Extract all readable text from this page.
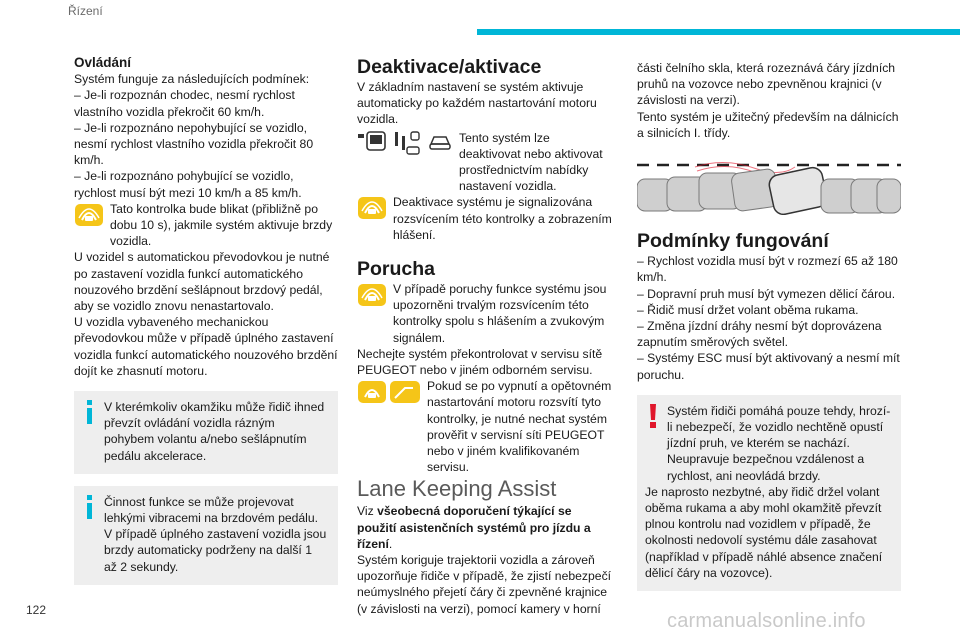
Řízení

Ovládání

Systém funguje za následujících podmínek:

– Je-li rozpoznán chodec, nesmí rychlost vlastního vozidla překročit 60 km/h.

– Je-li rozpoznáno nepohybující se vozidlo, nesmí rychlost vlastního vozidla překročit 80 km/h.

– Je-li rozpoznáno pohybující se vozidlo, rychlost musí být mezi 10 km/h a 85 km/h.

Tato kontrolka bude blikat (přibližně po dobu 10 s), jakmile systém aktivuje brzdy vozidla.

U vozidel s automatickou převodovkou je nutné po zastavení vozidla funkcí automatického nouzového brzdění sešlápnout brzdový pedál, aby se vozidlo znovu nenastartovalo.

U vozidla vybaveného mechanickou převodovkou může v případě úplného zastavení vozidla funkcí automatického nouzového brzdění dojít ke zhasnutí motoru.

V kterémkoliv okamžiku může řidič ihned převzít ovládání vozidla rázným pohybem volantu a/nebo sešlápnutím pedálu akcelerace.
Činnost funkce se může projevovat lehkými vibracemi na brzdovém pedálu. V případě úplného zastavení vozidla jsou brzdy automaticky podrženy na další 1 až 2 sekundy.

Deaktivace/aktivace

V základním nastavení se systém aktivuje automaticky po každém nastartování motoru vozidla.

Tento systém lze deaktivovat nebo aktivovat prostřednictvím nabídky nastavení vozidla.
Deaktivace systému je signalizována rozsvícením této kontrolky a zobrazením hlášení.

Porucha

V případě poruchy funkce systému jsou upozorněni trvalým rozsvícením této kontrolky spolu s hlášením a zvukovým signálem.

Nechejte systém překontrolovat v servisu sítě PEUGEOT nebo v jiném odborném servisu.

Pokud se po vypnutí a opětovném nastartování motoru rozsvítí tyto kontrolky, je nutné nechat systém prověřit v servisní síti PEUGEOT nebo v jiném kvalifikovaném servisu.

Lane Keeping Assist

Viz všeobecná doporučení týkající se použití asistenčních systémů pro jízdu a řízení.

Systém koriguje trajektorii vozidla a zároveň upozorňuje řidiče v případě, že zjistí nebezpečí neúmyslného přejetí čáry či zpevněné krajnice (v závislosti na verzi), pomocí kamery v horní

části čelního skla, která rozeznává čáry jízdních pruhů na vozovce nebo zpevněnou krajnici (v závislosti na verzi).

Tento systém je užitečný především na dálnicích a silnicích I. třídy.

Podmínky fungování

– Rychlost vozidla musí být v rozmezí 65 až 180 km/h.

– Dopravní pruh musí být vymezen dělicí čárou.

– Řidič musí držet volant oběma rukama.

– Změna jízdní dráhy nesmí být doprovázena zapnutím směrových světel.

– Systémy ESC musí být aktivovaný a nesmí mít poruchu.

Systém řidiči pomáhá pouze tehdy, hrozí-li nebezpečí, že vozidlo nechtěně opustí jízdní pruh, ve kterém se nachází. Neupravuje bezpečnou vzdálenost a rychlost, ani neovládá brzdy.

Je naprosto nezbytné, aby řidič držel volant oběma rukama a aby mohl okamžitě převzít plnou kontrolu nad vozidlem v případě, že okolnosti nedovolí systému dále zasahovat (například v případě náhlé absence značení dělicí čáry na vozovce).

122	carmanualsonline.info
